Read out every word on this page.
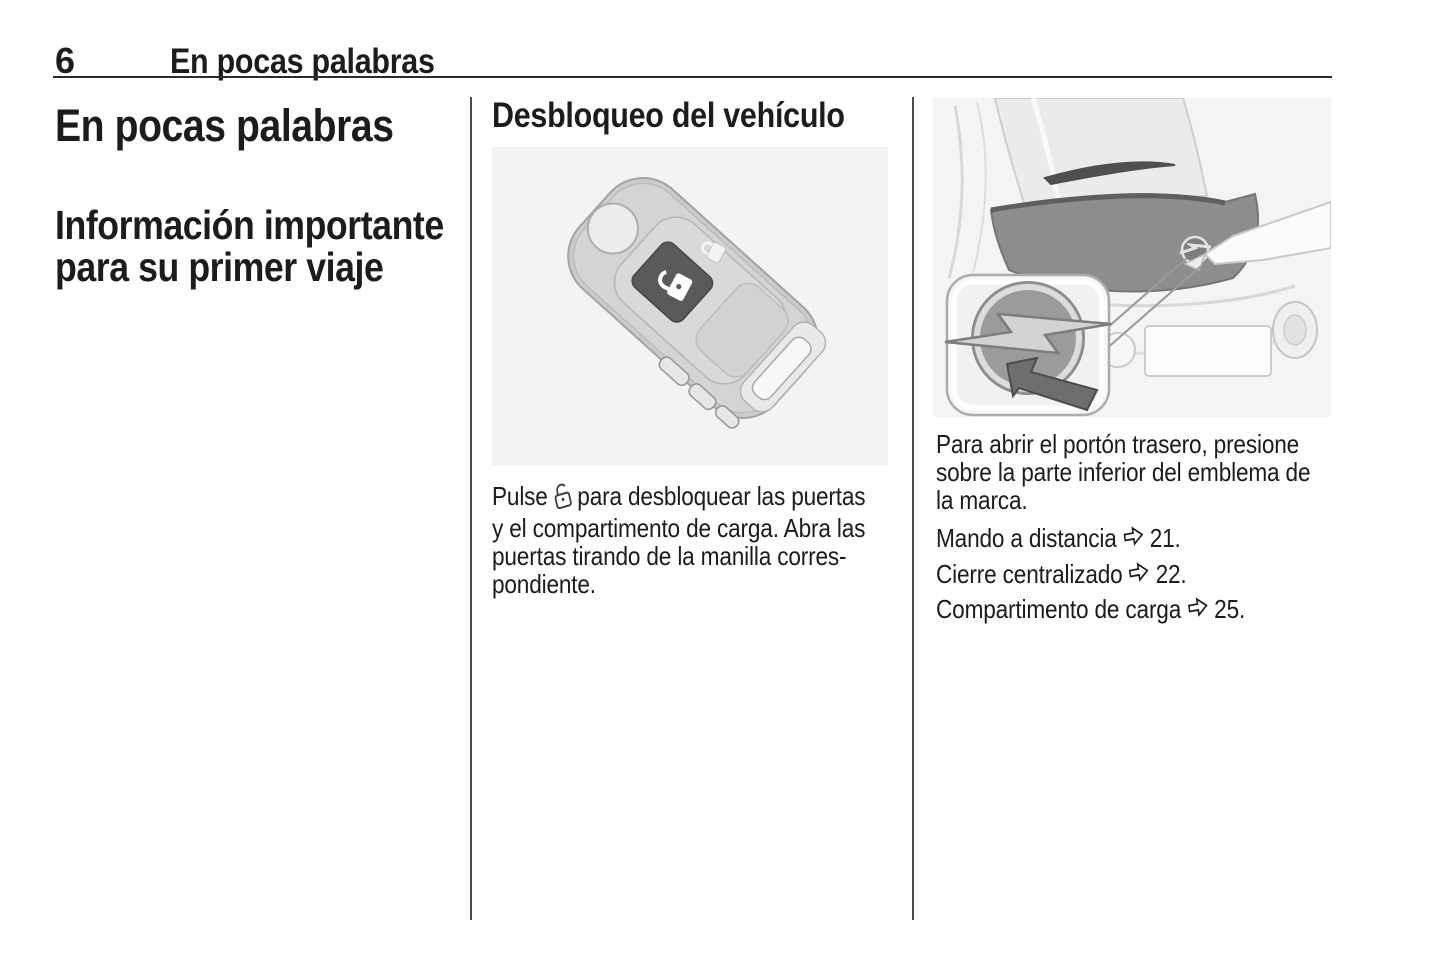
6	En pocas palabras
En pocas palabras
Información importante
para su primer viaje
Desbloqueo del vehículo
Pulse para desbloquear las puertas
y el compartimento de carga. Abra las
puertas tirando de la manilla corres-
pondiente.
Para abrir el portón trasero, presione
sobre la parte inferior del emblema de
la marca.
Mando a distancia 21.
Cierre centralizado 22.
Compartimento de carga 25.
